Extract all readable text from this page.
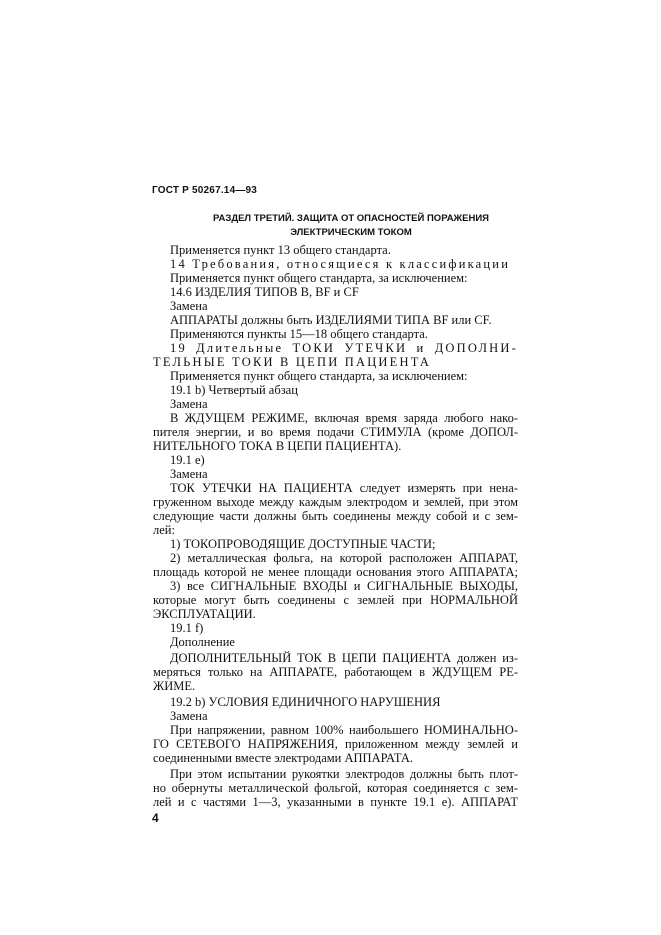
ГОСТ Р 50267.14—93
РАЗДЕЛ ТРЕТИЙ. ЗАЩИТА ОТ ОПАСНОСТЕЙ ПОРАЖЕНИЯ
ЭЛЕКТРИЧЕСКИМ ТОКОМ
Применяется пункт 13 общего стандарта.
14 Требования, относящиеся к классификации
Применяется пункт общего стандарта, за исключением:
14.6 ИЗДЕЛИЯ ТИПОВ В, BF и CF
Замена
АППАРАТЫ должны быть ИЗДЕЛИЯМИ ТИПА BF или CF.
Применяются пункты 15—18 общего стандарта.
19 Длительные ТОКИ УТЕЧКИ и ДОПОЛНИ-
ТЕЛЬНЫЕ ТОКИ В ЦЕПИ ПАЦИЕНТА
Применяется пункт общего стандарта, за исключением:
19.1 b) Четвертый абзац
Замена
В ЖДУЩЕМ РЕЖИМЕ, включая время заряда любого нако-
пителя энергии, и во время подачи СТИМУЛА (кроме ДОПОЛ-
НИТЕЛЬНОГО ТОКА В ЦЕПИ ПАЦИЕНТА).
19.1 е)
Замена
ТОК УТЕЧКИ НА ПАЦИЕНТА следует измерять при ненa-
груженном выходе между каждым электродом и землей, при этом
следующие части должны быть соединены между собой и с зем-
лей:
1) ТОКОПРОВОДЯЩИЕ ДОСТУПНЫЕ ЧАСТИ;
2) металлическая фольга, на которой расположен АППАРАТ,
площадь которой не менее площади основания этого АППАРАТА;
3) все СИГНАЛЬНЫЕ ВХОДЫ и СИГНАЛЬНЫЕ ВЫХОДЫ,
которые могут быть соединены с землей при НОРМАЛЬНОЙ
ЭКСПЛУАТАЦИИ.
19.1 f)
Дополнение
ДОПОЛНИТЕЛЬНЫЙ ТОК В ЦЕПИ ПАЦИЕНТА должен из-
меряться только на АППАРАТЕ, работающем в ЖДУЩЕМ РЕ-
ЖИМЕ.
19.2 b) УСЛОВИЯ ЕДИНИЧНОГО НАРУШЕНИЯ
Замена
При напряжении, равном 100% наибольшего НОМИНАЛЬНО-
ГО СЕТЕВОГО НАПРЯЖЕНИЯ, приложенном между землей и
соединенными вместе электродами АППАРАТА.
При этом испытании рукоятки электродов должны быть плот-
но обернуты металлической фольгой, которая соединяется с зем-
лей и с частями 1—3, указанными в пункте 19.1 е). АППАРАТ
4
